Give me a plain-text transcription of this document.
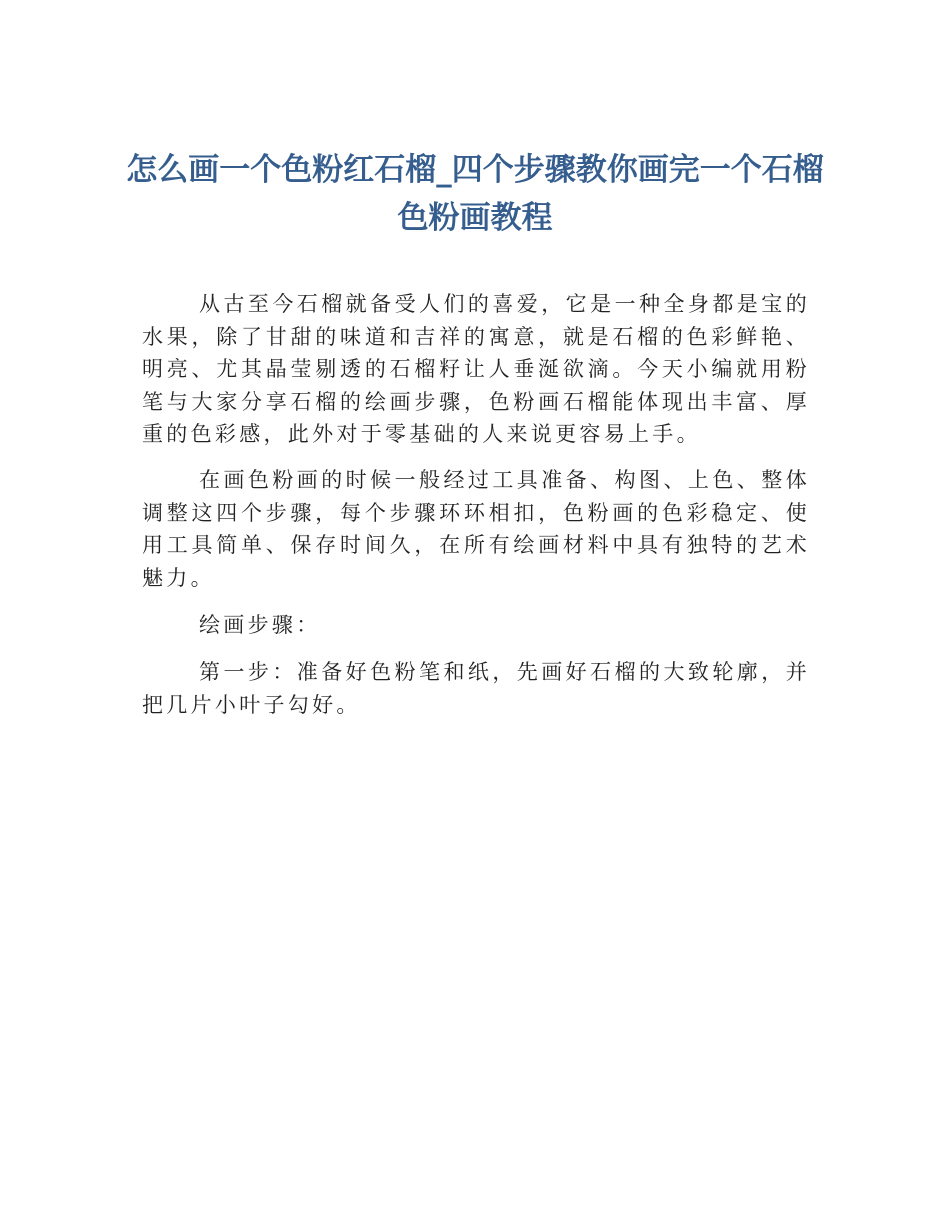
怎么画一个色粉红石榴_四个步骤教你画完一个石榴色粉画教程

从古至今石榴就备受人们的喜爱，它是一种全身都是宝的水果，除了甘甜的味道和吉祥的寓意，就是石榴的色彩鲜艳、明亮、尤其晶莹剔透的石榴籽让人垂涎欲滴。今天小编就用粉笔与大家分享石榴的绘画步骤，色粉画石榴能体现出丰富、厚重的色彩感，此外对于零基础的人来说更容易上手。

在画色粉画的时候一般经过工具准备、构图、上色、整体调整这四个步骤，每个步骤环环相扣，色粉画的色彩稳定、使用工具简单、保存时间久，在所有绘画材料中具有独特的艺术魅力。

绘画步骤：

第一步：准备好色粉笔和纸，先画好石榴的大致轮廓，并把几片小叶子勾好。
